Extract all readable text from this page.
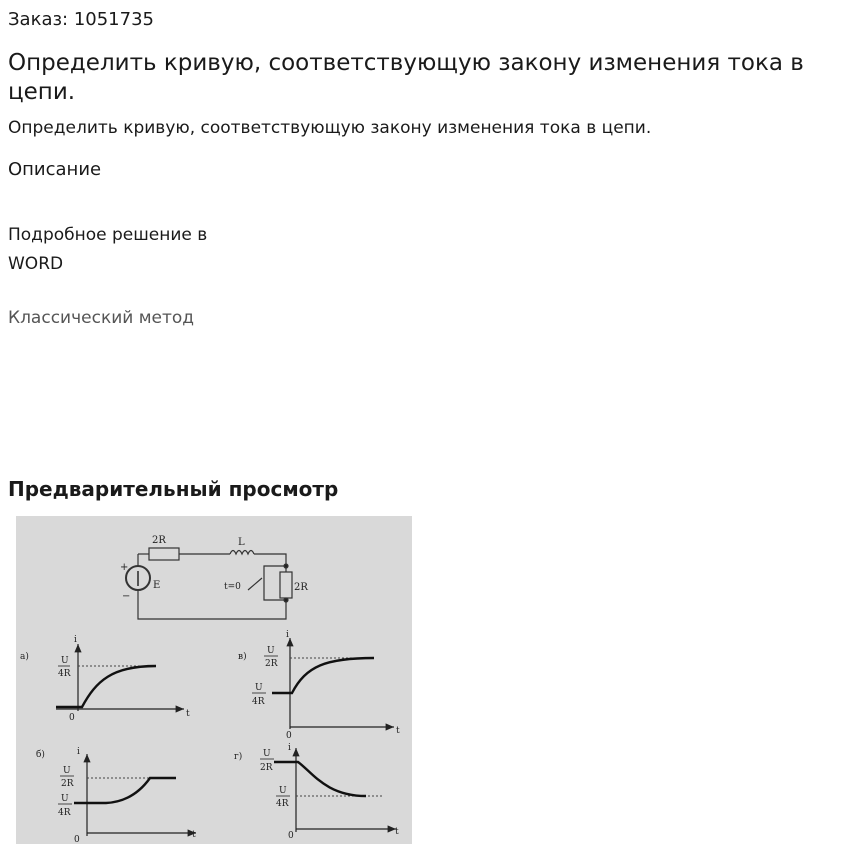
Заказ: 1051735
Определить кривую, соответствующую закону изменения тока в цепи.
Определить кривую, соответствующую закону изменения тока в цепи.
Описание
Подробное решение в WORD
Классический метод
Предварительный просмотр
2R	L
E
+
−
t=0	2R
а)
i
t
0
U
4R
в)
i
t
0
U
2R
U
4R
б)	i
t
0
U
2R
U
4R
г)
i
t
0
U
2R
U
4R
